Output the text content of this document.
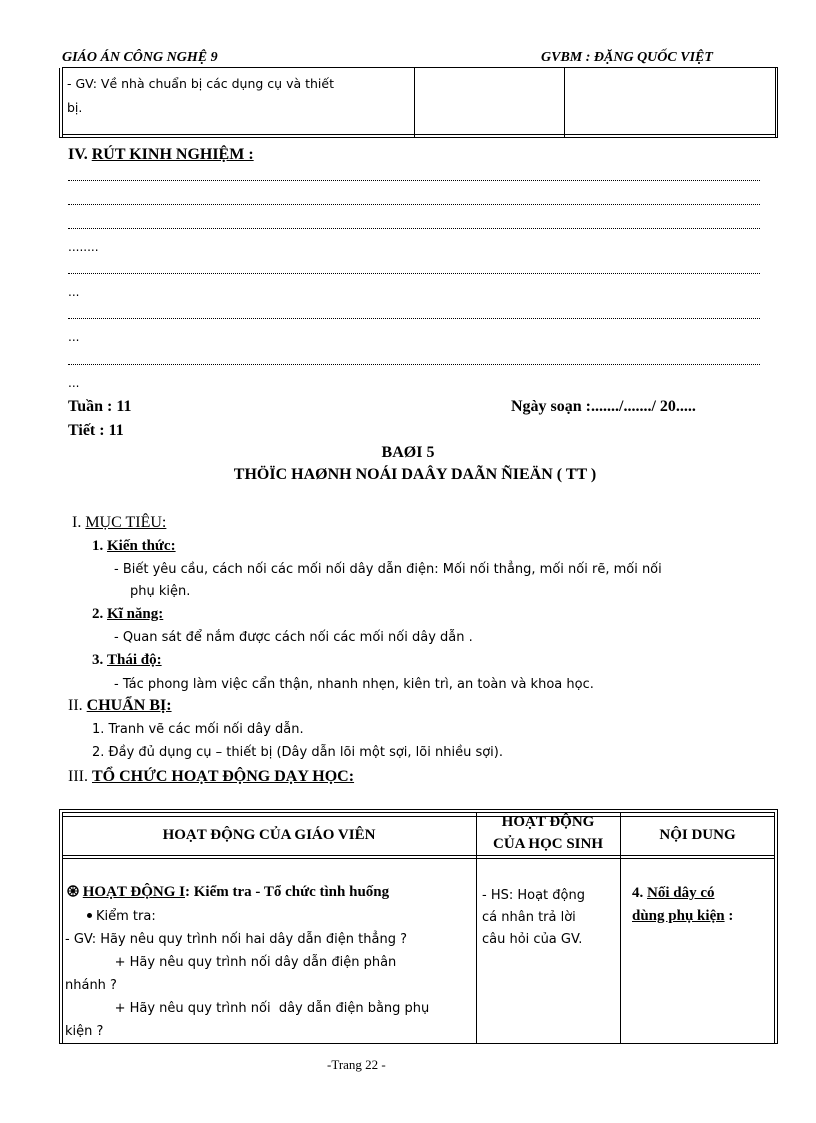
GIÁO ÁN CÔNG NGHỆ 9	GVBM : ĐẶNG QUỐC VIỆT
- GV: Về nhà chuẩn bị các dụng cụ và thiết
bị.
IV. RÚT KINH NGHIỆM :
........
...
...
...
Tuần : 11
Tiết : 11
Ngày soạn :......./......./ 20.....
BAØI 5
THÖÏC HAØNH NOÁI DAÂY DAÃN ÑIEÄN ( TT )
I. MỤC TIÊU:
1. Kiến thức:
- Biết yêu cầu, cách nối các mối nối dây dẫn điện: Mối nối thẳng, mối nối rẽ, mối nối
phụ kiện.
2. Kĩ năng:
- Quan sát để nắm được cách nối các mối nối dây dẫn .
3. Thái độ:
- Tác phong làm việc cẩn thận, nhanh nhẹn, kiên trì, an toàn và khoa học.
II. CHUẨN BỊ:
1. Tranh vẽ các mối nối dây dẫn.
2. Đầy đủ dụng cụ – thiết bị (Dây dẫn lõi một sợi, lõi nhiều sợi).
III. TỔ CHỨC HOẠT ĐỘNG DẠY HỌC:
HOẠT ĐỘNG CỦA GIÁO VIÊN
HOẠT ĐỘNG
CỦA HỌC SINH
NỘI DUNG
HOẠT ĐỘNG I: Kiểm tra - Tổ chức tình huống
Kiểm tra:
- GV: Hãy nêu quy trình nối hai dây dẫn điện thẳng ?
+ Hãy nêu quy trình nối dây dẫn điện phân
nhánh ?
+ Hãy nêu quy trình nối  dây dẫn điện bằng phụ
kiện ?
- HS: Hoạt động
cá nhân trả lời
câu hỏi của GV.
4. Nối dây có
dùng phụ kiện :
-Trang 22 -
